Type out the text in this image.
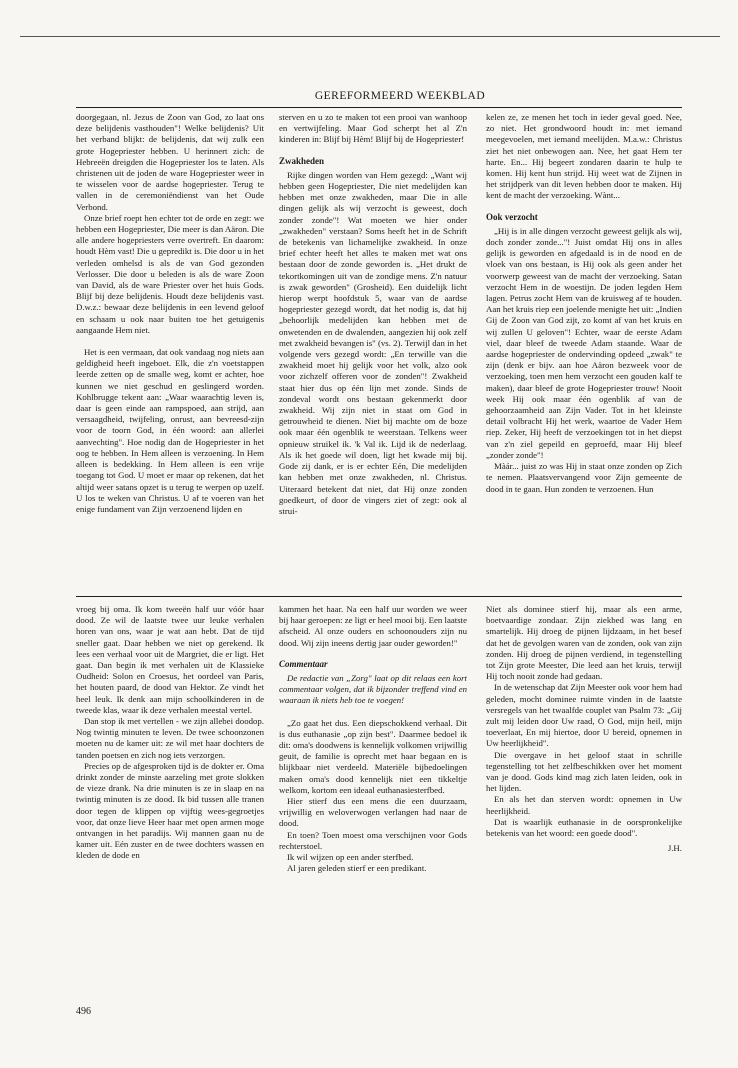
GEREFORMEERD WEEKBLAD

doorgegaan, nl. Jezus de Zoon van God, zo laat ons deze belijdenis vasthouden"! Welke belijdenis? Uit het verband blijkt: de belijdenis, dat wij zulk een grote Hogepriester hebben. U herinnert zich: de Hebreeën dreigden die Hogepriester los te laten. Als christenen uit de joden de ware Hogepriester weer in te wisselen voor de aardse hogepriester. Terug te vallen in de ceremoniëndienst van het Oude Verbond.

Onze brief roept hen echter tot de orde en zegt: we hebben een Hogepriester, Die meer is dan Aäron. Die alle andere hogepriesters verre overtreft. En daarom: houdt Hèm vast! Die u gepredikt is. Die door u in het verleden omhelsd is als de van God gezonden Verlosser. Die door u beleden is als de ware Zoon van David, als de ware Priester over het huis Gods. Blijf bij deze belijdenis. Houdt deze belijdenis vast. D.w.z.: bewaar deze belijdenis in een levend geloof en schaam u ook naar buiten toe het getuigenis aangaande Hem niet.

Het is een vermaan, dat ook vandaag nog niets aan geldigheid heeft ingeboet. Elk, die z'n voetstappen leerde zetten op de smalle weg, komt er achter, hoe kunnen we niet geschud en geslingerd worden. Kohlbrugge tekent aan: „Waar waarachtig leven is, daar is geen einde aan rampspoed, aan strijd, aan versaagdheid, twijfeling, onrust, aan bevreesd-zijn voor de toorn God, in één woord: aan allerlei aanvechting". Hoe nodig dan de Hogepriester in het oog te hebben. In Hem alleen is verzoening. In Hem alleen is bedekking. In Hem alleen is een vrije toegang tot God. U moet er maar op rekenen, dat het altijd weer satans opzet is u terug te werpen op uzelf. U los te weken van Christus. U af te voeren van het enige fundament van Zijn verzoenend lijden en

sterven en u zo te maken tot een prooi van wanhoop en vertwijfeling. Maar God scherpt het al Z'n kinderen in: Blijf bij Hèm! Blijf bij de Hogepriester!

Zwakheden

Rijke dingen worden van Hem gezegd: „Want wij hebben geen Hogepriester, Die niet medelijden kan hebben met onze zwakheden, maar Die in alle dingen gelijk als wij verzocht is geweest, doch zonder zonde"! Wat moeten we hier onder „zwakheden" verstaan? Soms heeft het in de Schrift de betekenis van lichamelijke zwakheid. In onze brief echter heeft het alles te maken met wat ons bestaan door de zonde geworden is. „Het drukt de tekortkomingen uit van de zondige mens. Z'n natuur is zwak geworden" (Grosheid). Een duidelijk licht hierop werpt hoofdstuk 5, waar van de aardse hogepriester gezegd wordt, dat het nodig is, dat hij „behoorlijk medelijden kan hebben met de onwetenden en de dwalenden, aangezien hij ook zelf met zwakheid bevangen is" (vs. 2). Terwijl dan in het volgende vers gezegd wordt: „En terwille van die zwakheid moet hij gelijk voor het volk, alzo ook voor zichzelf offeren voor de zonden"! Zwakheid staat hier dus op één lijn met zonde. Sinds de zondeval wordt ons bestaan gekenmerkt door zwakheid. Wij zijn niet in staat om God in getrouwheid te dienen. Niet bij machte om de boze ook maar één ogenblik te weerstaan. Telkens weer opnieuw struikel ik. 'k Val ik. Lijd ik de nederlaag. Als ik het goede wil doen, ligt het kwade mij bij. Gode zij dank, er is er echter Eén, Die medelijden kan hebben met onze zwakheden, nl. Christus. Uiteraard betekent dat niet, dat Hij onze zonden goedkeurt, of door de vingers ziet of zegt: ook al strui-

kelen ze, ze menen het toch in ieder geval goed. Nee, zo niet. Het grondwoord houdt in: met iemand meegevoelen, met iemand meelijden. M.a.w.: Christus ziet het niet onbewogen aan. Nee, het gaat Hem ter harte. En... Hij begeert zondaren daarin te hulp te komen. Hij kent hun strijd. Hij weet wat de Zijnen in het strijdperk van dit leven hebben door te maken. Hij kent de macht der verzoeking. Wànt...

Ook verzocht

„Hij is in alle dingen verzocht geweest gelijk als wij, doch zonder zonde..."! Juist omdat Hij ons in alles gelijk is geworden en afgedaald is in de nood en de vloek van ons bestaan, is Hij ook als geen ander het voorwerp geweest van de macht der verzoeking. Satan verzocht Hem in de woestijn. De joden legden Hem lagen. Petrus zocht Hem van de kruisweg af te houden. Aan het kruis riep een joelende menigte het uit: „Indien Gij de Zoon van God zijt, zo komt af van het kruis en wij zullen U geloven"! Echter, waar de eerste Adam viel, daar bleef de tweede Adam staande. Waar de aardse hogepriester de ondervinding opdeed „zwak" te zijn (denk er bijv. aan hoe Aäron bezweek voor de verzoeking, toen men hem verzocht een gouden kalf te maken), daar bleef de grote Hogepriester trouw! Nooit week Hij ook maar één ogenblik af van de gehoorzaamheid aan Zijn Vader. Tot in het kleinste detail volbracht Hij het werk, waartoe de Vader Hem riep. Zeker, Hij heeft de verzoekingen tot in het diepst van z'n ziel gepeild en geproefd, maar Hij bleef „zonder zonde"!

Màár... juist zo was Hij in staat onze zonden op Zich te nemen. Plaatsvervangend voor Zijn gemeente de dood in te gaan. Hun zonden te verzoenen. Hun

vroeg bij oma. Ik kom tweeën half uur vóór haar dood. Ze wil de laatste twee uur leuke verhalen horen van ons, waar je wat aan hebt. Dat de tijd sneller gaat. Daar hebben we niet op gerekend. Ik lees een verhaal voor uit de Margriet, die er ligt. Het gaat. Dan begin ik met verhalen uit de Klassieke Oudheid: Solon en Croesus, het oordeel van Paris, het houten paard, de dood van Hektor. Ze vindt het heel leuk. Ik denk aan mijn schoolkinderen in de tweede klas, waar ik deze verhalen meestal vertel.

Dan stop ik met vertellen - we zijn allebei doodop. Nog twintig minuten te leven. De twee schoonzonen moeten nu de kamer uit: ze wil met haar dochters de tanden poetsen en zich nog iets verzorgen.

Precies op de afgesproken tijd is de dokter er. Oma drinkt zonder de minste aarzeling met grote slokken de vieze drank. Na drie minuten is ze in slaap en na twintig minuten is ze dood. Ik bid tussen alle tranen door tegen de klippen op vijftig wees-gegroetjes voor, dat onze lieve Heer haar met open armen moge ontvangen in het paradijs. Wij mannen gaan nu de kamer uit. Eén zuster en de twee dochters wassen en kleden de dode en

kammen het haar. Na een half uur worden we weer bij haar geroepen: ze ligt er heel mooi bij. Een laatste afscheid. Al onze ouders en schoonouders zijn nu dood. Wij zijn ineens dertig jaar ouder geworden!"

Commentaar

De redactie van „Zorg" laat op dit relaas een kort commentaar volgen, dat ik bijzonder treffend vind en waaraan ik niets heb toe te voegen!

„Zo gaat het dus. Een diepschokkend verhaal. Dit is dus euthanasie „op zijn best". Daarmee bedoel ik dit: oma's doodwens is kennelijk volkomen vrijwillig geuit, de familie is oprecht met haar begaan en is blijkbaar niet verdeeld. Materiële bijbedoelingen maken oma's dood kennelijk niet een tikkeltje welkom, kortom een ideaal euthanasiesterfbed.

Hier stierf dus een mens die een duurzaam, vrijwillig en weloverwogen verlangen had naar de dood.

En toen? Toen moest oma verschijnen voor Gods rechterstoel.

Ik wil wijzen op een ander sterfbed.

Al jaren geleden stierf er een predikant.

Niet als dominee stierf hij, maar als een arme, boetvaardige zondaar. Zijn ziekbed was lang en smartelijk. Hij droeg de pijnen lijdzaam, in het besef dat het de gevolgen waren van de zonden, ook van zijn zonden. Hij droeg de pijnen verdiend, in tegenstelling tot Zijn grote Meester, Die leed aan het kruis, terwijl Hij toch nooit zonde had gedaan.

In de wetenschap dat Zijn Meester ook voor hem had geleden, mocht dominee ruimte vinden in de laatste versregels van het twaalfde couplet van Psalm 73: „Gij zult mij leiden door Uw raad, O God, mijn heil, mijn toeverlaat, En mij hiertoe, door U bereid, opnemen in Uw heerlijkheid".

Die overgave in het geloof staat in schrille tegenstelling tot het zelfbeschikken over het moment van je dood. Gods kind mag zich laten leiden, ook in het lijden.

En als het dan sterven wordt: opnemen in Uw heerlijkheid.

Dat is waarlijk euthanasie in de oorspronkelijke betekenis van het woord: een goede dood".

J.H.

496
